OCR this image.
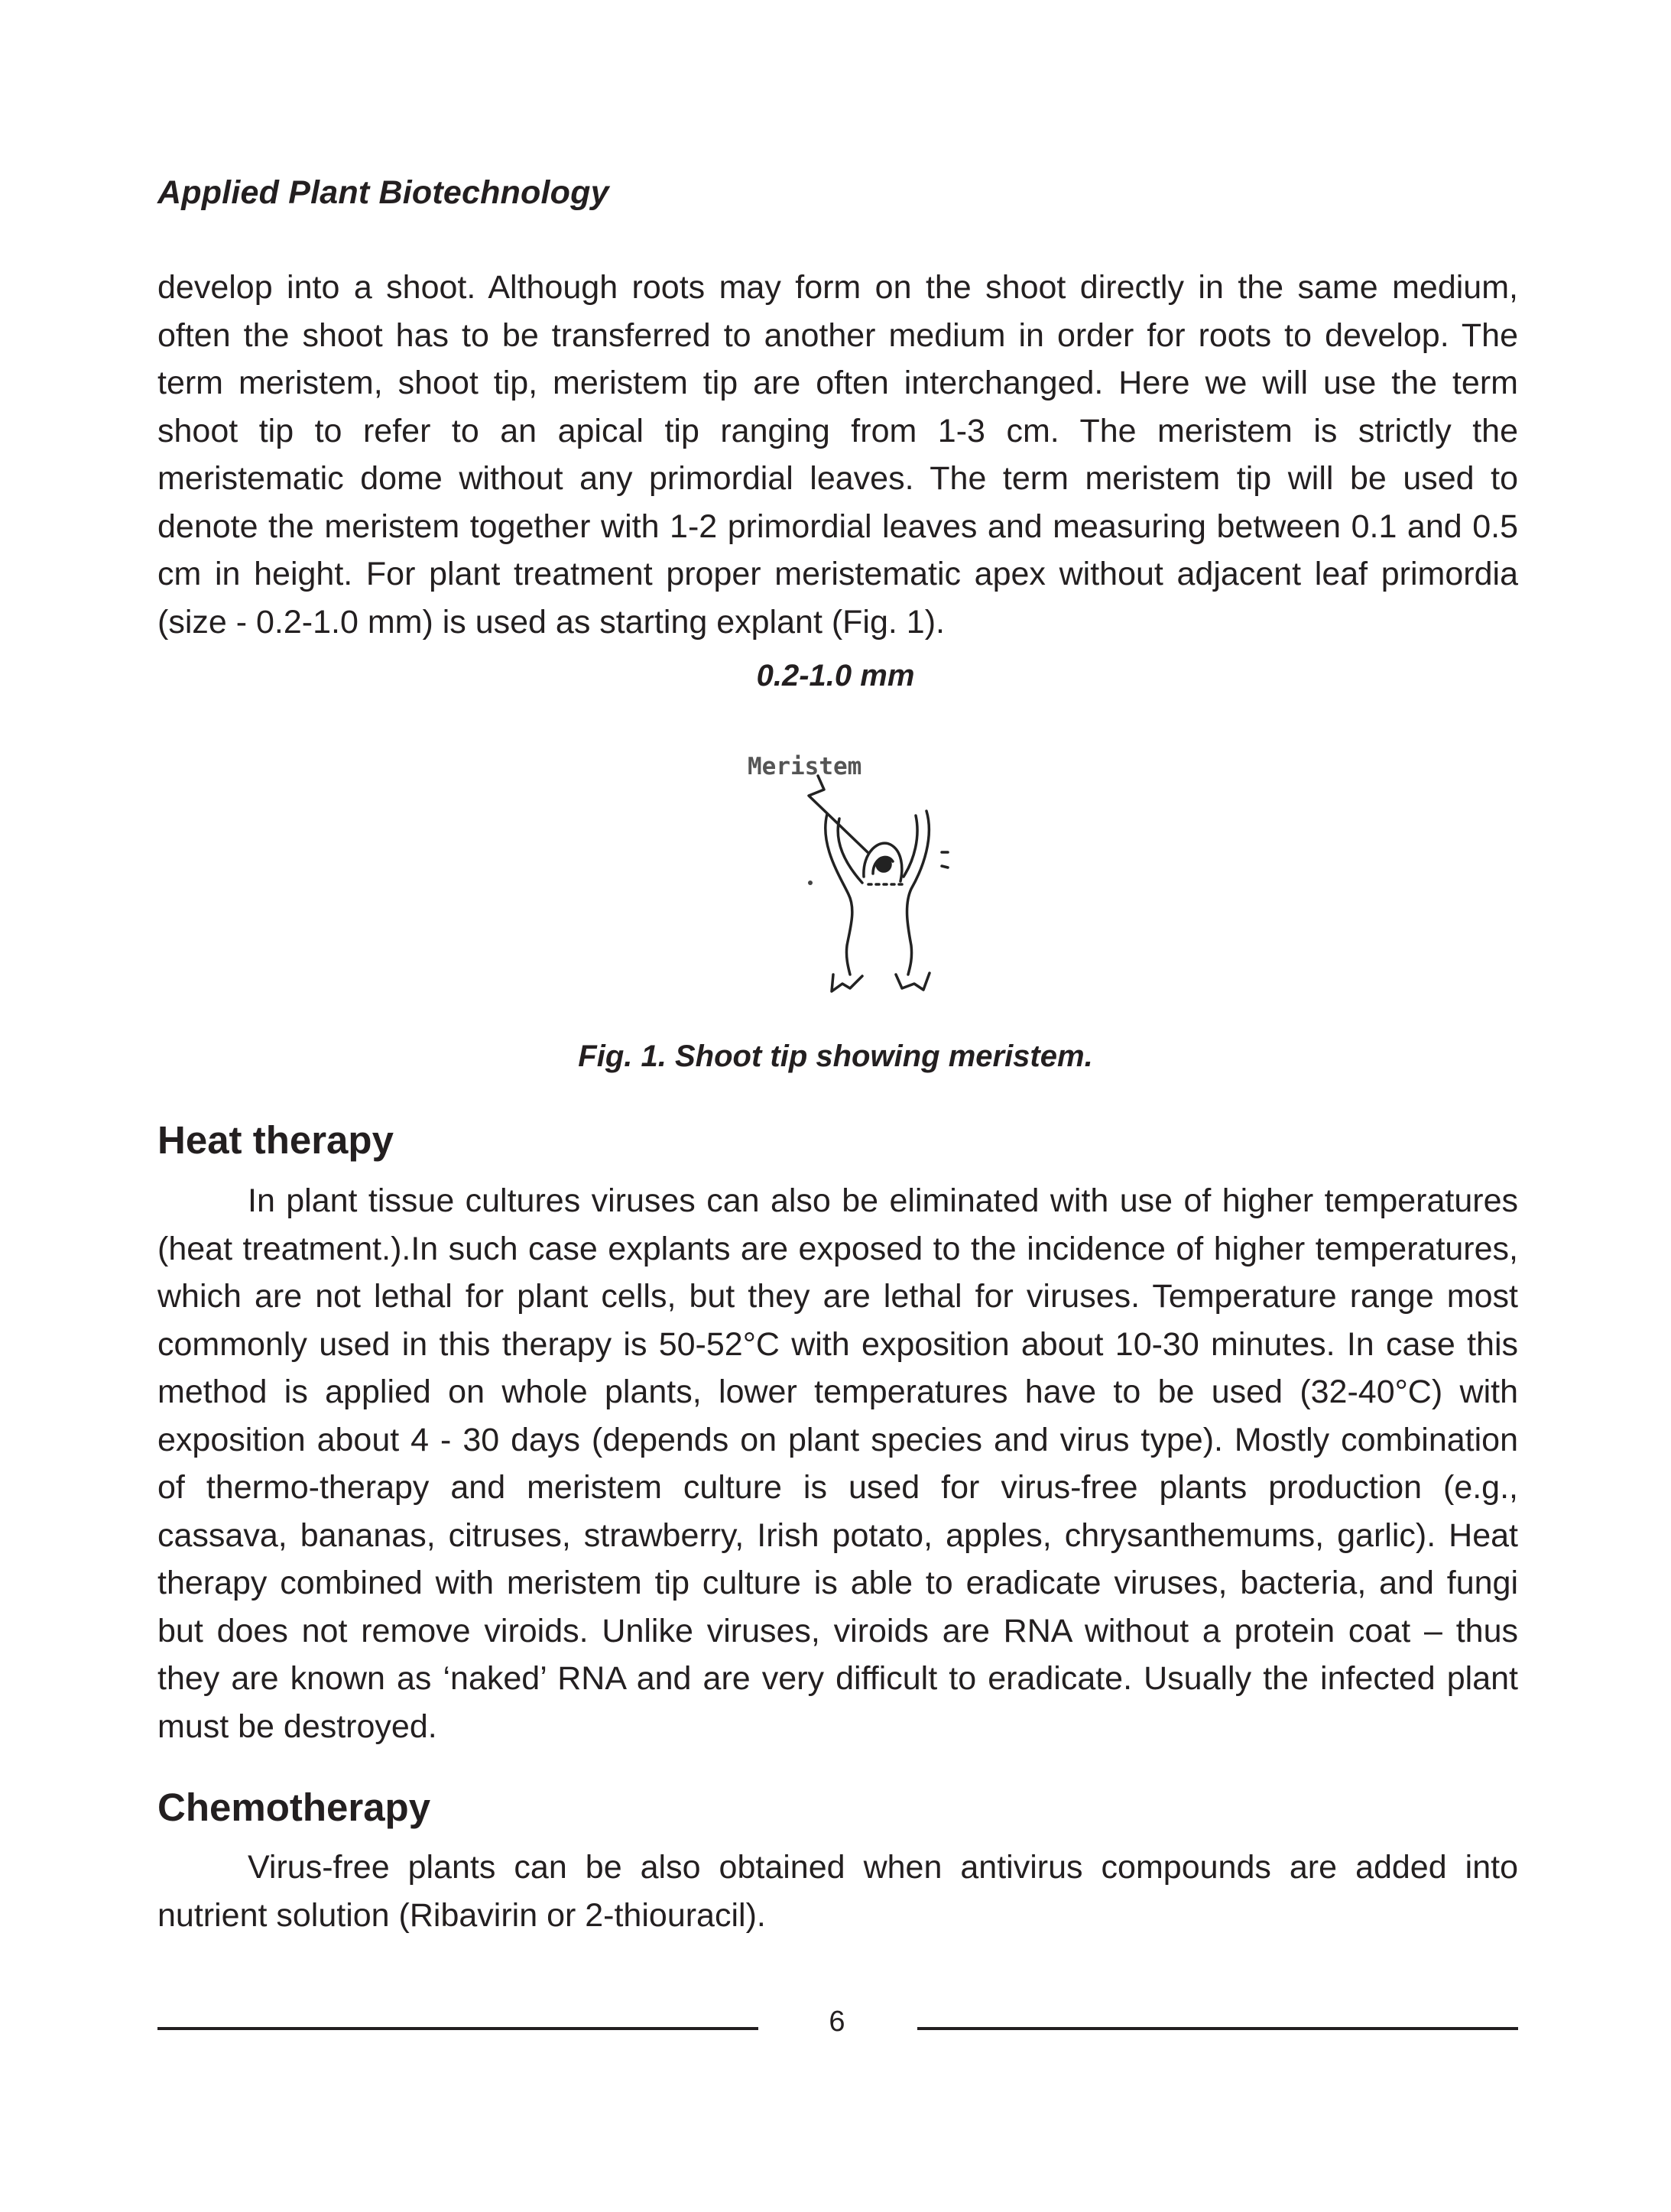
Applied Plant Biotechnology

develop into a shoot. Although roots may form on the shoot directly in the same medium, often the shoot has to be transferred to another medium in order for roots to develop. The term meristem, shoot tip, meristem tip are often interchanged. Here we will use the term shoot tip to refer to an apical tip ranging from 1-3 cm. The meristem is strictly the meristematic dome without any primordial leaves. The term meristem tip will be used to denote the meristem together with 1-2 primordial leaves and measuring between 0.1 and 0.5 cm in height. For plant treatment proper meristematic apex without adjacent leaf primordia (size - 0.2-1.0 mm) is used as starting explant (Fig. 1).

0.2-1.0 mm
Meristem
Fig. 1. Shoot tip showing meristem.
Heat therapy

In plant tissue cultures viruses can also be eliminated with use of higher temperatures (heat treatment.).In such case explants are exposed to the incidence of higher temperatures, which are not lethal for plant cells, but they are lethal for viruses. Temperature range most commonly used in this therapy is 50-52°C with exposition about 10-30 minutes. In case this method is applied on whole plants, lower temperatures have to be used (32-40°C) with exposition about 4 - 30 days (depends on plant species and virus type). Mostly combination of thermo-therapy and meristem culture is used for virus-free plants production (e.g., cassava, bananas, citruses, strawberry, Irish potato, apples, chrysanthemums, garlic). Heat therapy combined with meristem tip culture is able to eradicate viruses, bacteria, and fungi but does not remove viroids. Unlike viruses, viroids are RNA without a protein coat – thus they are known as ‘naked’ RNA and are very difficult to eradicate. Usually the infected plant must be destroyed.

Chemotherapy

Virus-free plants can be also obtained when antivirus compounds are added into nutrient solution (Ribavirin or 2-thiouracil).

6
